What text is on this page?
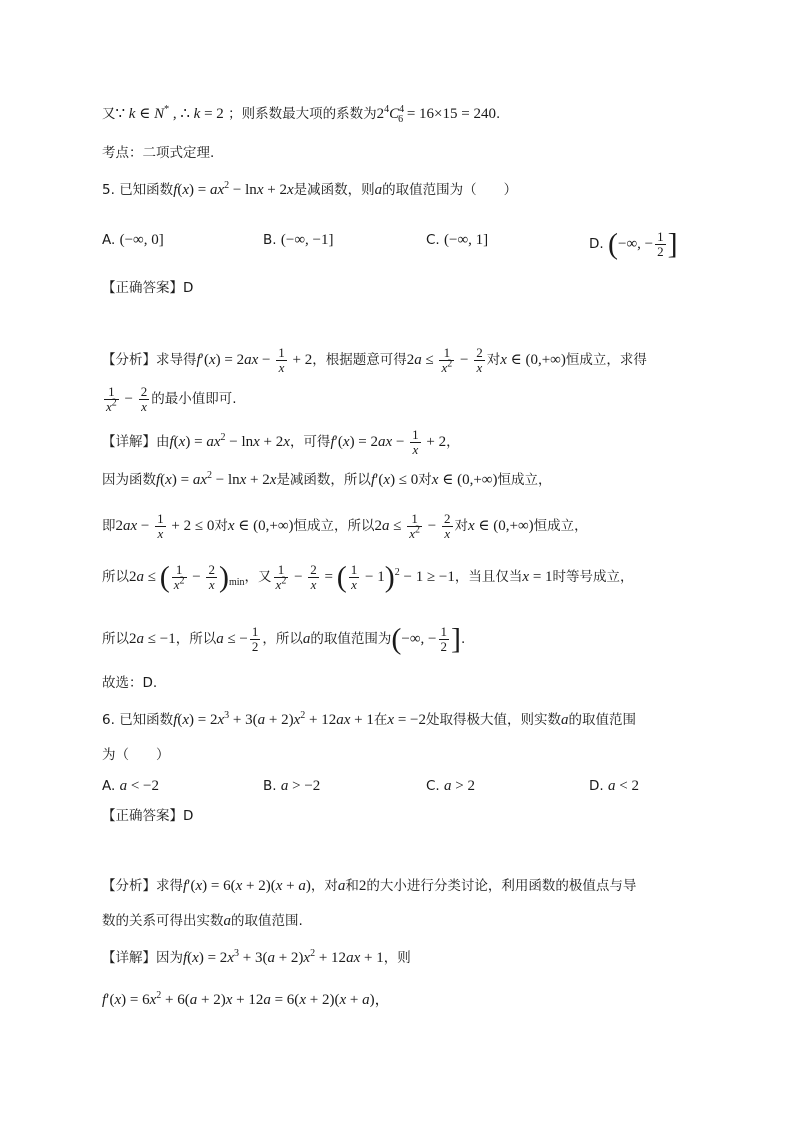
又∵ k ∈ N* , ∴ k = 2 ；则系数最大项的系数为$2^4C^4_6 = 16\times 15 = 240$.
考点：二项式定理.
5. 已知函数$f(x) = ax^2 - \ln x + 2x$是减函数，则a的取值范围为（　　）
A. (−∞, 0]	B. (−∞, −1]	C. (−∞, 1]	D. (−∞, − $\frac{1}{2}$ ]
【正确答案】D
【分析】求导得$f'(x) = 2ax - \frac{1}{x} + 2$，根据题意可得$2a \le \frac{1}{x^2} - \frac{2}{x}$ 对x ∈ (0,+∞)恒成立，求得
$\frac{1}{x^2} - \frac{2}{x}$ 的最小值即可.
【详解】由$f(x) = ax^2 - \ln x + 2x$，可得$f'(x) = 2ax - \frac{1}{x} + 2$，
因为函数$f(x) = ax^2 - \ln x + 2x$是减函数，所以f′(x) ≤ 0对x ∈ (0,+∞)恒成立，
即$2ax - \frac{1}{x} + 2 \le 0$对x ∈ (0,+∞)恒成立，所以$2a \le \frac{1}{x^2} - \frac{2}{x}$ 对x ∈ (0,+∞)恒成立，
所以2a ≤ ( $\frac{1}{x^2} - \frac{2}{x} )_{min}$，又 $\frac{1}{x^2} - \frac{2}{x}$ = ( $\frac{1}{x} - 1)^2 - 1 \ge -1$，当且仅当x = 1时等号成立，
所以2a ≤ −1，所以a ≤ − $\frac{1}{2}$ ，所以a的取值范围为(−∞, − $\frac{1}{2}$ ].
故选：D.
6. 已知函数$f(x) = 2x^3 + 3(a + 2)x^2 + 12ax + 1$在x = −2处取得极大值，则实数a的取值范围
为（　　）
A. a < −2	B. a > −2	C. a > 2	D. a < 2
【正确答案】D
【分析】求得f′(x) = 6(x + 2)(x + a)，对a和2的大小进行分类讨论，利用函数的极值点与导
数的关系可得出实数a的取值范围.
【详解】因为$f(x) = 2x^3 + 3(a + 2)x^2 + 12ax + 1$，则
$f'(x) = 6x^2 + 6(a + 2)x + 12a = 6(x + 2)(x + a)$，
